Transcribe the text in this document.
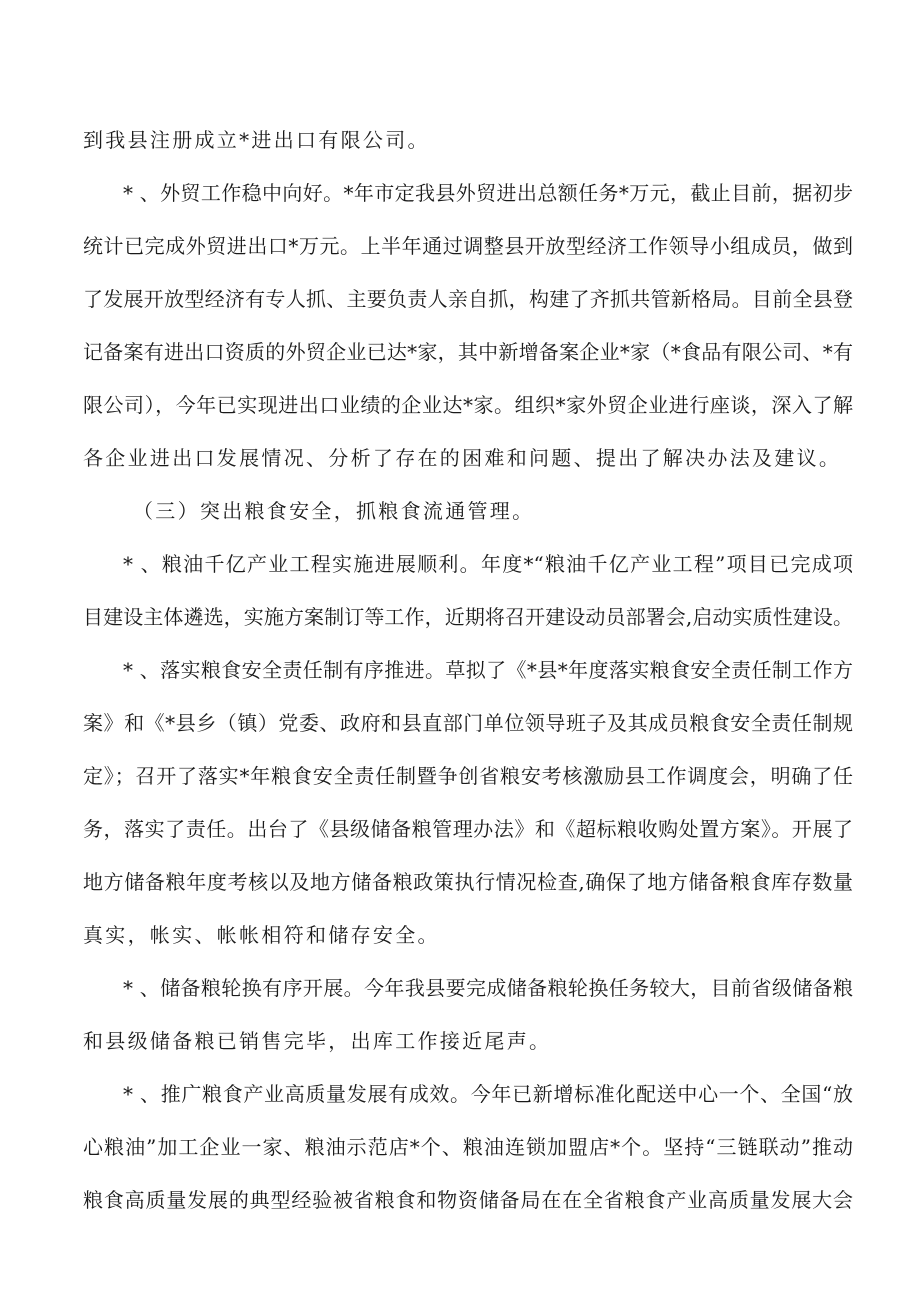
到我县注册成立*进出口有限公司。
* 、外贸工作稳中向好。*年市定我县外贸进出总额任务*万元，截止目前，据初步
统计已完成外贸进出口*万元。上半年通过调整县开放型经济工作领导小组成员，做到
了发展开放型经济有专人抓、主要负责人亲自抓，构建了齐抓共管新格局。目前全县登
记备案有进出口资质的外贸企业已达*家，其中新增备案企业*家（*食品有限公司、*有
限公司），今年已实现进出口业绩的企业达*家。组织*家外贸企业进行座谈，深入了解
各企业进出口发展情况、分析了存在的困难和问题、提出了解决办法及建议。
（三）突出粮食安全，抓粮食流通管理。
* 、粮油千亿产业工程实施进展顺利。年度*“粮油千亿产业工程”项目已完成项
目建设主体遴选，实施方案制订等工作，近期将召开建设动员部署会,启动实质性建设。
* 、落实粮食安全责任制有序推进。草拟了《*县*年度落实粮食安全责任制工作方
案》和《*县乡（镇）党委、政府和县直部门单位领导班子及其成员粮食安全责任制规
定》；召开了落实*年粮食安全责任制暨争创省粮安考核激励县工作调度会，明确了任
务，落实了责任。出台了《县级储备粮管理办法》和《超标粮收购处置方案》。开展了
地方储备粮年度考核以及地方储备粮政策执行情况检查,确保了地方储备粮食库存数量
真实，帐实、帐帐相符和储存安全。
* 、储备粮轮换有序开展。今年我县要完成储备粮轮换任务较大，目前省级储备粮
和县级储备粮已销售完毕，出库工作接近尾声。
* 、推广粮食产业高质量发展有成效。今年已新增标准化配送中心一个、全国“放
心粮油”加工企业一家、粮油示范店*个、粮油连锁加盟店*个。坚持“三链联动”推动
粮食高质量发展的典型经验被省粮食和物资储备局在在全省粮食产业高质量发展大会
